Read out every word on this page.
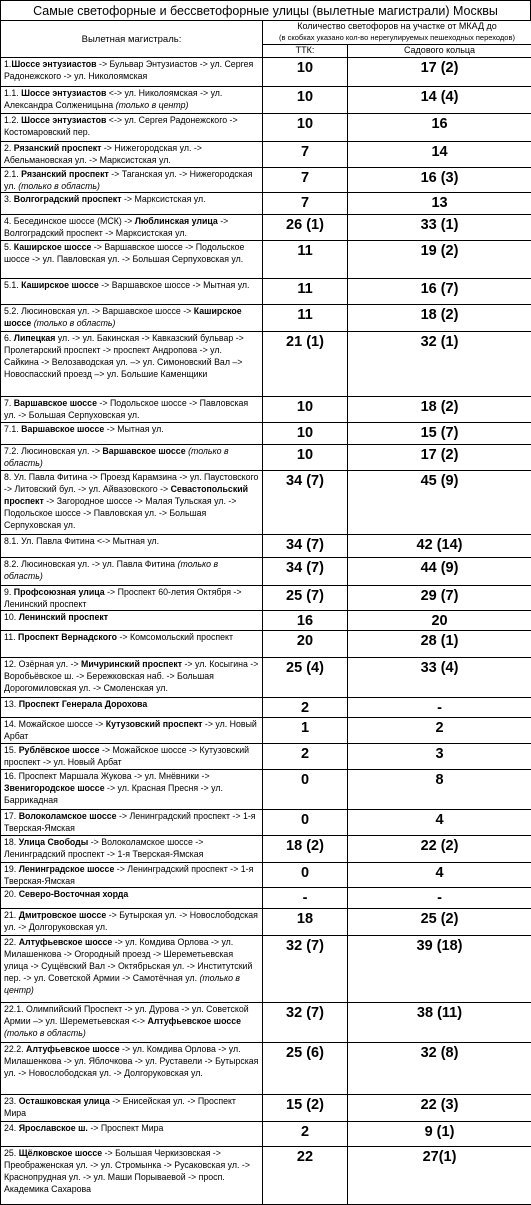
Самые светофорные и бессветофорные улицы (вылетные магистрали) Москвы
Вылетная магистраль:	Количество светофоров на участке от МКАД до
(в скобках указано кол-во нерегулируемых пешеходных переходов)	

	ТТК:	Садового кольца
1.Шоссе энтузиастов -> Бульвар Энтузиастов -> ул. Сергея Радонежского -> ул. Николоямская	10	17 (2)
1.1. Шоссе энтузиастов <-> ул. Николоямская -> ул. Александра Солженицына (только в центр)	10	14 (4)
1.2. Шоссе энтузиастов <-> ул. Сергея Радонежского -> Костомаровский пер.	10	16
2. Рязанский проспект -> Нижегородская ул. -> Абельмановская ул. -> Марксистская ул.	7	14
2.1. Рязанский проспект -> Таганская ул. -> Нижегородская ул. (только в область)	7	16 (3)
3. Волгоградский проспект -> Марксистская ул.	7	13
4. Бесединское шоссе (МСК) -> Люблинская улица -> Волгоградский проспект -> Марксистская ул.	26 (1)	33 (1)
5. Каширское шоссе -> Варшавское шоссе -> Подольское шоссе -> ул. Павловская ул. -> Большая Серпуховская ул.	11	19 (2)
5.1. Каширское шоссе -> Варшавское шоссе -> Мытная ул.	11	16 (7)
5.2. Люсиновская ул. -> Варшавское шоссе -> Каширское шоссе (только в область)	11	18 (2)
6. Липецкая ул. -> ул. Бакинская -> Кавказский бульвар -> Пролетарский проспект -> проспект Андропова -> ул. Сайкина -> Велозаводская ул. –> ул. Симоновский Вал –> Новоспасский проезд –> ул. Большие Каменщики	21 (1)	32 (1)
7. Варшавское шоссе -> Подольское шоссе -> Павловская ул. -> Большая Серпуховская ул.	10	18 (2)
7.1. Варшавское шоссе -> Мытная ул.	10	15 (7)
7.2. Люсиновская ул. -> Варшавское шоссе (только в область)	10	17 (2)
8. Ул. Павла Фитина -> Проезд Карамзина -> ул. Паустовского -> Литовский бул. -> ул. Айвазовского -> Севастопольский проспект -> Загородное шоссе -> Малая Тульская ул. -> Подольское шоссе -> Павловская ул. -> Большая Серпуховская ул.	34 (7)	45 (9)
8.1. Ул. Павла Фитина <-> Мытная ул.	34 (7)	42 (14)
8.2. Люсиновская ул. -> ул. Павла Фитина (только в область)	34 (7)	44 (9)
9. Профсоюзная улица -> Проспект 60-летия Октября -> Ленинский проспект	25 (7)	29 (7)
10. Ленинский проспект	16	20
11. Проспект Вернадского -> Комсомольский проспект	20	28 (1)
12. Озёрная ул. -> Мичуринский проспект -> ул. Косыгина -> Воробьёвское ш. -> Бережковская наб. -> Большая Дорогомиловская ул. -> Смоленская ул.	25 (4)	33 (4)
13. Проспект Генерала Дорохова	2	-
14. Можайское шоссе -> Кутузовский проспект -> ул. Новый Арбат	1	2
15. Рублёвское шоссе -> Можайское шоссе -> Кутузовский проспект -> ул. Новый Арбат	2	3
16. Проспект Маршала Жукова -> ул. Мнёвники -> Звенигородское шоссе -> ул. Красная Пресня -> ул. Баррикадная	0	8
17. Волоколамское шоссе -> Ленинградский проспект -> 1-я Тверская-Ямская	0	4
18. Улица Свободы -> Волоколамское шоссе -> Ленинградский проспект -> 1-я Тверская-Ямская	18 (2)	22 (2)
19. Ленинградское шоссе -> Ленинградский проспект -> 1-я Тверская-Ямская	0	4
20. Северо-Восточная хорда	-	-
21. Дмитровское шоссе -> Бутырская ул. -> Новослободская ул. -> Долгоруковская ул.	18	25 (2)
22. Алтуфьевское шоссе -> ул. Комдива Орлова -> ул. Милашенкова -> Огородный проезд -> Шереметьевская улица -> Сущёвский Вал -> Октябрьская ул. -> Институтский пер. -> ул. Советской Армии -> Самотёчная ул. (только в центр)	32 (7)	39 (18)
22.1. Олимпийский Проспект -> ул. Дурова -> ул. Советской Армии –> ул. Шереметьевская <-> Алтуфьевское шоссе (только в область)	32 (7)	38 (11)
22.2. Алтуфьевское шоссе -> ул. Комдива Орлова -> ул. Милашенкова -> ул. Яблочкова -> ул. Руставели -> Бутырская ул. -> Новослободская ул. -> Долгоруковская ул.	25 (6)	32 (8)
23. Осташковская улица -> Енисейская ул. -> Проспект Мира	15 (2)	22 (3)
24. Ярославское ш. -> Проспект Мира	2	9 (1)
25. Щёлковское шоссе -> Большая Черкизовская -> Преображенская ул. -> ул. Стромынка -> Русаковская ул. -> Краснопрудная ул. -> ул. Маши Порываевой -> просп. Академика Сахарова	22	27(1)
